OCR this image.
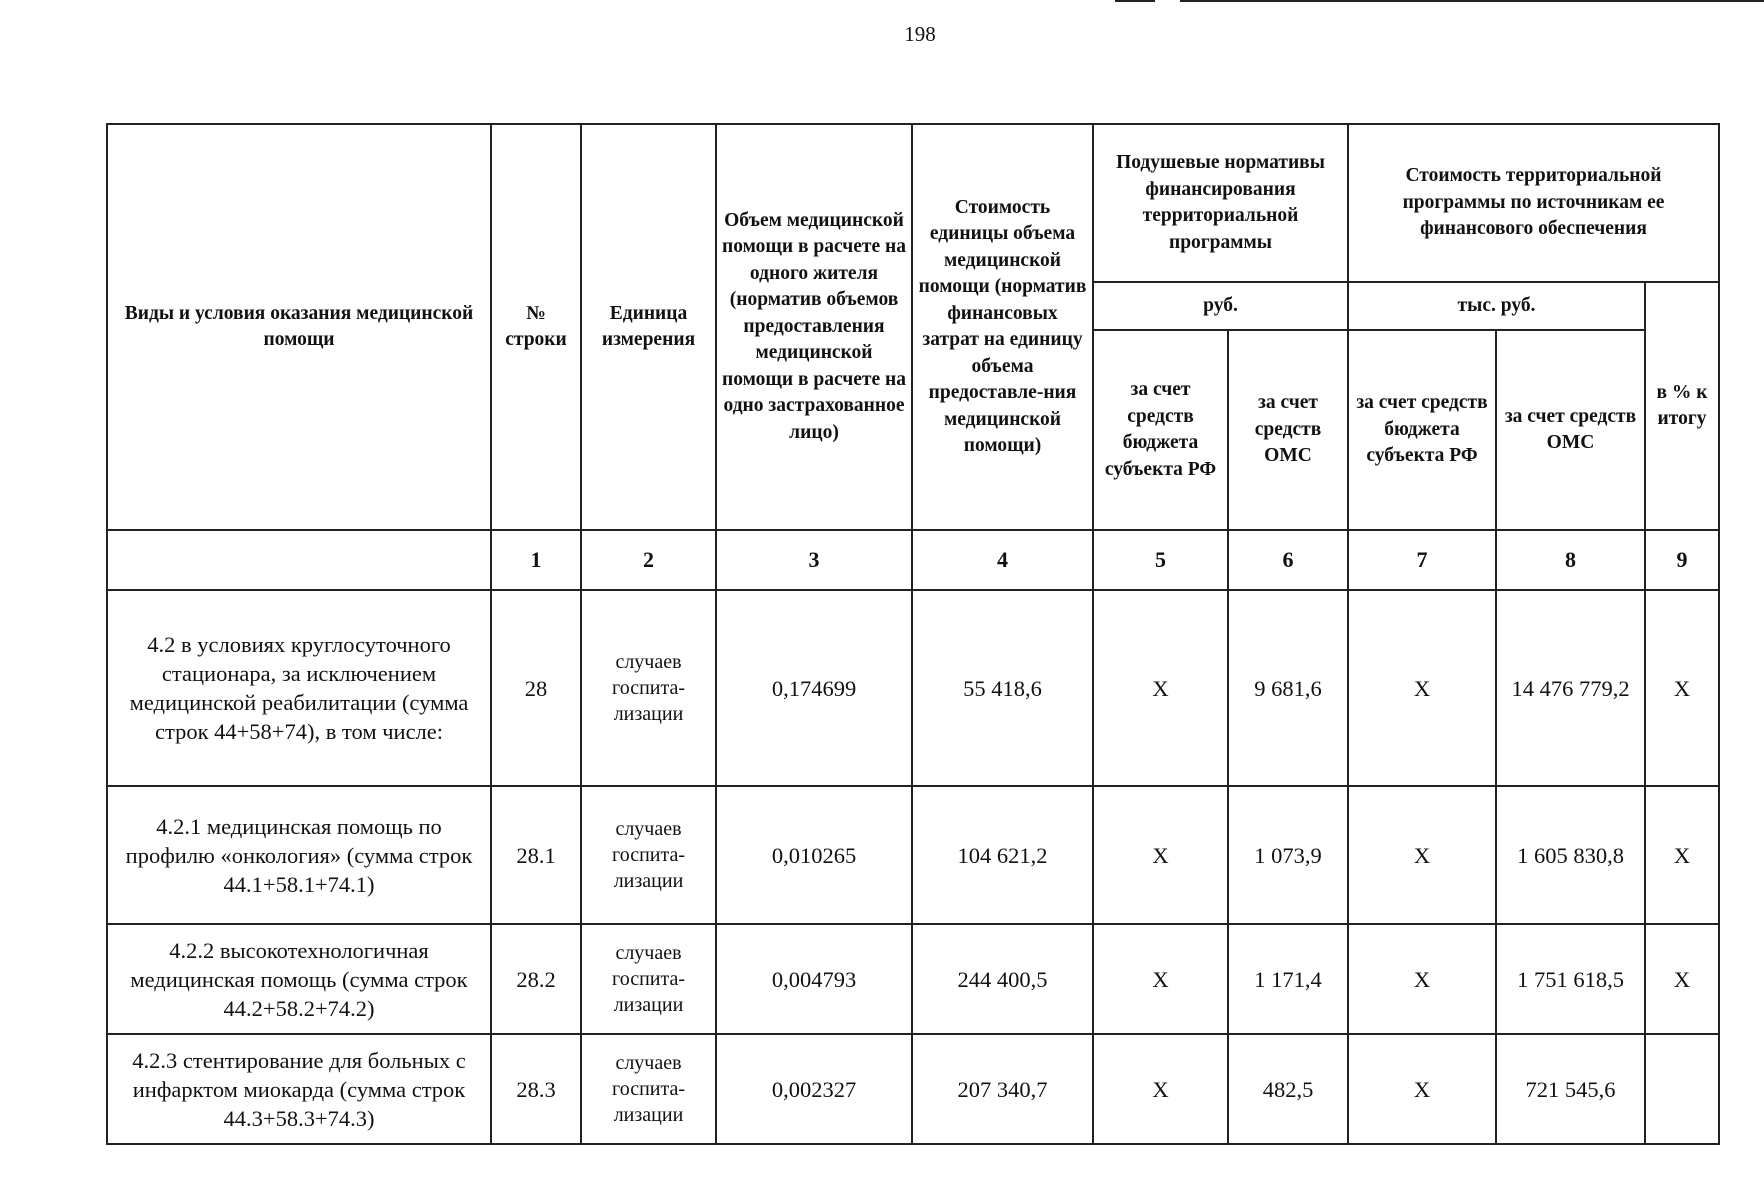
198
Виды и условия оказания медицинской помощи	№ строки	Единица измерения	Объем медицинской помощи в расчете на одного жителя (норматив объемов предоставления медицинской помощи в расчете на одно застрахованное лицо)	Стоимость единицы объема медицинской помощи (норматив финансовых затрат на единицу объема предоставле-ния медицинской помощи)	Подушевые нормативы финансирования территориальной программы		Стоимость территориальной программы по источникам ее финансового обеспечения		
					руб.		тыс. руб.		в % к итогу
					за счет средств бюджета субъекта РФ	за счет средств ОМС	за счет средств бюджета субъекта РФ	за счет средств ОМС	
	1	2	3	4	5	6	7	8	9
4.2 в условиях круглосуточного стационара, за исключением медицинской реабилитации (сумма строк 44+58+74), в том числе:	28	случаев госпита-лизации	0,174699	55 418,6	Х	9 681,6	Х	14 476 779,2	Х
4.2.1 медицинская помощь по профилю «онкология» (сумма строк 44.1+58.1+74.1)	28.1	случаев госпита-лизации	0,010265	104 621,2	Х	1 073,9	Х	1 605 830,8	Х
4.2.2 высокотехнологичная медицинская помощь (сумма строк 44.2+58.2+74.2)	28.2	случаев госпита-лизации	0,004793	244 400,5	Х	1 171,4	Х	1 751 618,5	Х
4.2.3 стентирование для больных с инфарктом миокарда (сумма строк 44.3+58.3+74.3)	28.3	случаев госпита-лизации	0,002327	207 340,7	Х	482,5	Х	721 545,6	
